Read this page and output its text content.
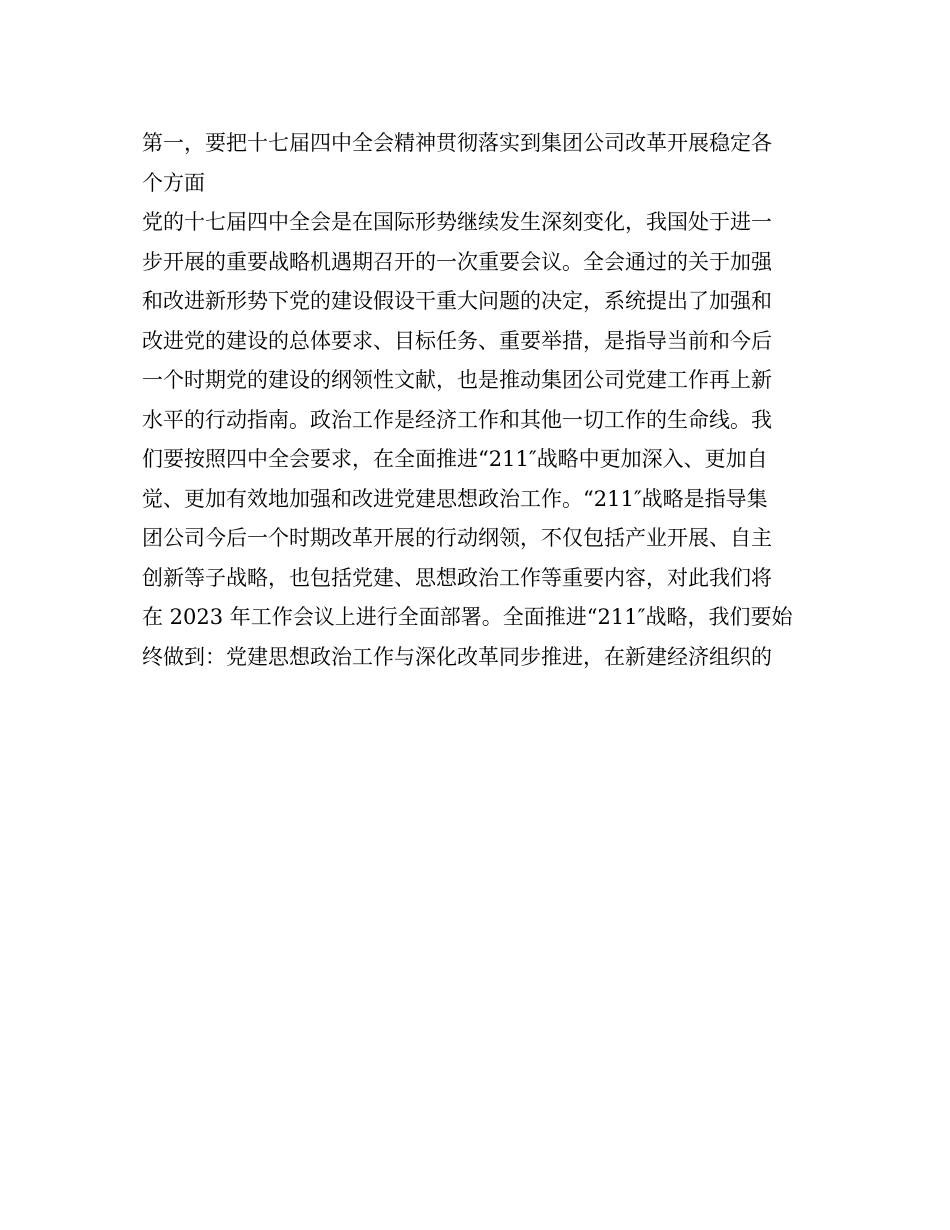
第一，要把十七届四中全会精神贯彻落实到集团公司改革开展稳定各
个方面
党的十七届四中全会是在国际形势继续发生深刻变化，我国处于进一
步开展的重要战略机遇期召开的一次重要会议。全会通过的关于加强
和改进新形势下党的建设假设干重大问题的决定，系统提出了加强和
改进党的建设的总体要求、目标任务、重要举措，是指导当前和今后
一个时期党的建设的纲领性文献，也是推动集团公司党建工作再上新
水平的行动指南。政治工作是经济工作和其他一切工作的生命线。我
们要按照四中全会要求，在全面推进“211″战略中更加深入、更加自
觉、更加有效地加强和改进党建思想政治工作。“211″战略是指导集
团公司今后一个时期改革开展的行动纲领，不仅包括产业开展、自主
创新等子战略，也包括党建、思想政治工作等重要内容，对此我们将
在 2023 年工作会议上进行全面部署。全面推进“211″战略，我们要始
终做到：党建思想政治工作与深化改革同步推进，在新建经济组织的
